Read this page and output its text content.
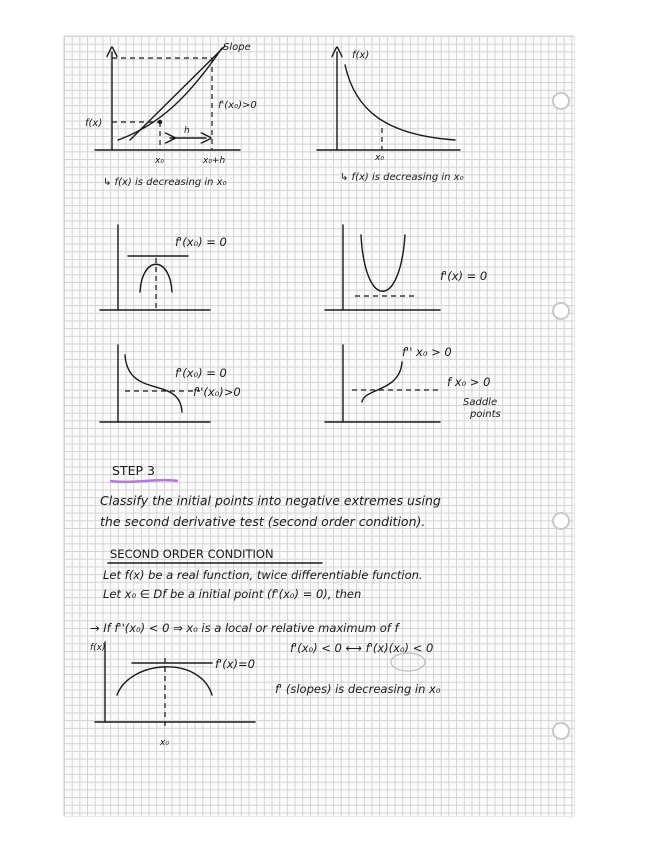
Slope
f(x)
f'(x₀)>0
h
x₀	x₀+h
↳ f(x) is decreasing in x₀
f(x)
x₀
↳ f(x) is decreasing in x₀
f'(x₀) = 0
f'(x) = 0
f'(x₀) = 0
f''(x₀)>0
f'' x₀ > 0
f x₀ > 0
Saddle
points
STEP 3
Classify the initial points into negative extremes using
the second derivative test (second order condition).
SECOND ORDER CONDITION
Let f(x) be a real function, twice differentiable function.
Let x₀ ∈ Df be a initial point (f'(x₀) = 0), then
→ If f''(x₀) < 0 ⇒ x₀ is a local or relative maximum of f
f'(x₀) < 0 ⟷ f'(x)(x₀) < 0
f' (slopes) is decreasing in x₀
f(x)
f'(x)=0
x₀
